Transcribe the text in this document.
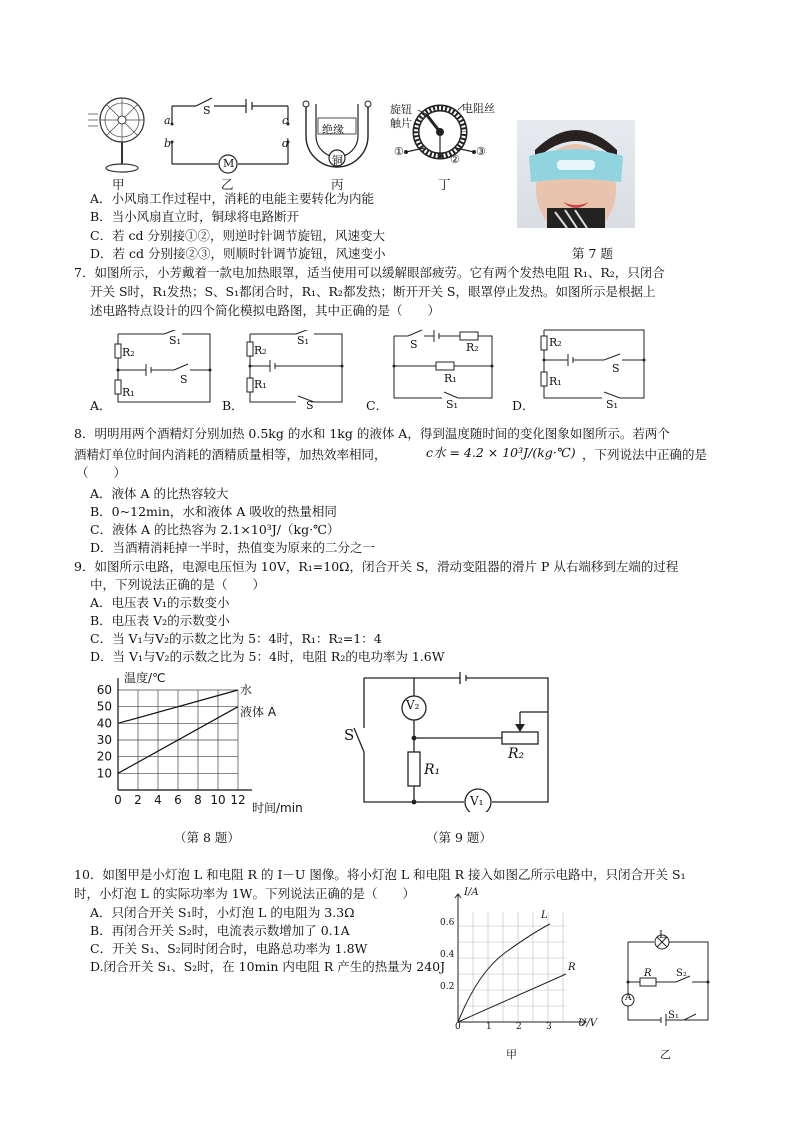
甲
S
a
b
c
d
M
乙
绝缘
铜
丙
旋钮
触片
电阻丝
①
②
③
丁
A．小风扇工作过程中，消耗的电能主要转化为内能
B．当小风扇直立时，铜球将电路断开
C．若 cd 分别接①②，则逆时针调节旋钮，风速变大
D．若 cd 分别接②③，则顺时针调节旋钮，风速变小	第 7 题
7．如图所示，小芳戴着一款电加热眼罩，适当使用可以缓解眼部疲劳。它有两个发热电阻 R₁、R₂，只闭合
开关 S时，R₁发热；S、S₁都闭合时，R₁、R₂都发热；断开开关 S，眼罩停止发热。如图所示是根据上
述电路特点设计的四个简化模拟电路图，其中正确的是（　　）
S₁
R₂
S
R₁
A．
S₁
R₂
R₁
S
B．
S	R₂
R₁
S₁
C．
R₂
S
R₁
S₁
D．
8．明明用两个酒精灯分别加热 0.5kg 的水和 1kg 的液体 A，得到温度随时间的变化图象如图所示。若两个
酒精灯单位时间内消耗的酒精质量相等，加热效率相同，	c水 = 4.2 × 10³J/(kg·℃) ，下列说法中正确的是
（　　）
A．液体 A 的比热容较大
B．0~12min，水和液体 A 吸收的热量相同
C．液体 A 的比热容为 2.1×10³J/（kg·℃）
D．当酒精消耗掉一半时，热值变为原来的二分之一
9．如图所示电路，电源电压恒为 10V，R₁=10Ω，闭合开关 S，滑动变阻器的滑片 P 从右端移到左端的过程
中，下列说法正确的是（　　）
A．电压表 V₁的示数变小
B．电压表 V₂的示数变小
C．当 V₁与V₂的示数之比为 5：4时，R₁：R₂=1：4
D．当 V₁与V₂的示数之比为 5：4时，电阻 R₂的电功率为 1.6W
温度/℃
时间/min
0 2 4 6 8 10 12
10
20
30
40
50
60	水
液体 A
（第 8 题）
V₂
S
R₂
R₁
V₁
（第 9 题）
10．如图甲是小灯泡 L 和电阻 R 的 I－U 图像。将小灯泡 L 和电阻 R 接入如图乙所示电路中，只闭合开关 S₁
时，小灯泡 L 的实际功率为 1W。下列说法正确的是（　　）
A．只闭合开关 S₁时，小灯泡 L 的电阻为 3.3Ω
B．再闭合开关 S₂时，电流表示数增加了 0.1A
C．开关 S₁、S₂同时闭合时，电路总功率为 1.8W
D.闭合开关 S₁、S₂时，在 10min 内电阻 R 产生的热量为 240J
I/A
U/V
0.6
0.4
0.2
0	1	2	3
L
R
甲
L
R S₂
A
S₁
乙
